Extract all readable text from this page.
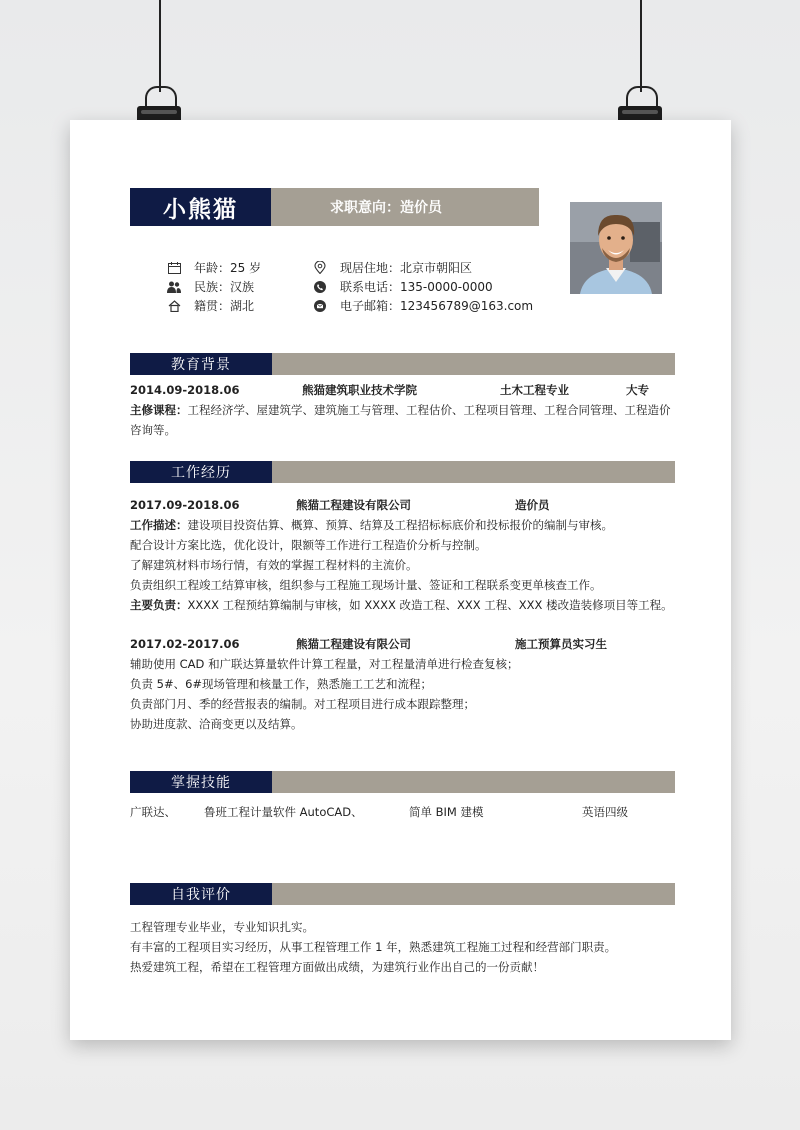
小熊猫	求职意向： 造价员
年龄： 25 岁
民族： 汉族
籍贯： 湖北
现居住地： 北京市朝阳区
联系电话： 135-0000-0000
电子邮箱： 123456789@163.com
教育背景
2014.09-2018.06	熊猫建筑职业技术学院	土木工程专业	大专
主修课程：工程经济学、屋建筑学、建筑施工与管理、工程估价、工程项目管理、工程合同管理、工程造价咨询等。
工作经历
2017.09-2018.06	熊猫工程建设有限公司	造价员
工作描述：建设项目投资估算、概算、预算、结算及工程招标标底价和投标报价的编制与审核。
配合设计方案比选，优化设计，限额等工作进行工程造价分析与控制。
了解建筑材料市场行情，有效的掌握工程材料的主流价。
负责组织工程竣工结算审核，组织参与工程施工现场计量、签证和工程联系变更单核查工作。
主要负责：XXXX 工程预结算编制与审核，如 XXXX 改造工程、XXX 工程、XXX 楼改造装修项目等工程。
2017.02-2017.06	熊猫工程建设有限公司	施工预算员实习生
辅助使用 CAD 和广联达算量软件计算工程量，对工程量清单进行检查复核；
负责 5#、6#现场管理和核量工作，熟悉施工工艺和流程；
负责部门月、季的经营报表的编制。对工程项目进行成本跟踪整理；
协助进度款、洽商变更以及结算。
掌握技能
广联达、 鲁班工程计量软件 AutoCAD、	简单 BIM 建模	英语四级
自我评价
工程管理专业毕业，专业知识扎实。
有丰富的工程项目实习经历，从事工程管理工作 1 年，熟悉建筑工程施工过程和经营部门职责。
热爱建筑工程，希望在工程管理方面做出成绩，为建筑行业作出自己的一份贡献！
